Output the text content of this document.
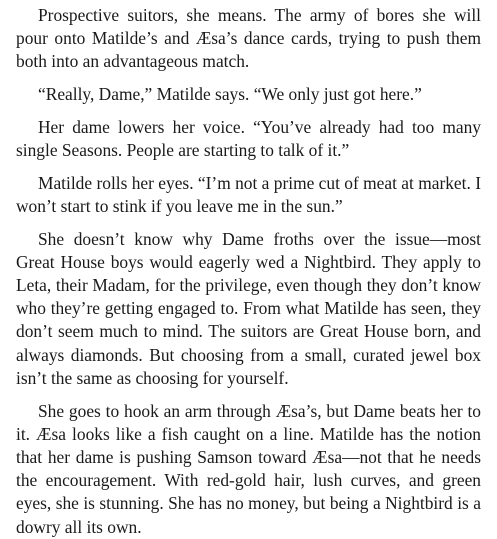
Prospective suitors, she means. The army of bores she will pour onto Matilde’s and Æsa’s dance cards, trying to push them both into an advantageous match.

“Really, Dame,” Matilde says. “We only just got here.”

Her dame lowers her voice. “You’ve already had too many single Seasons. People are starting to talk of it.”

Matilde rolls her eyes. “I’m not a prime cut of meat at market. I won’t start to stink if you leave me in the sun.”

She doesn’t know why Dame froths over the issue—most Great House boys would eagerly wed a Nightbird. They apply to Leta, their Madam, for the privilege, even though they don’t know who they’re getting engaged to. From what Matilde has seen, they don’t seem much to mind. The suitors are Great House born, and always diamonds. But choosing from a small, curated jewel box isn’t the same as choosing for yourself.

She goes to hook an arm through Æsa’s, but Dame beats her to it. Æsa looks like a fish caught on a line. Matilde has the notion that her dame is pushing Samson toward Æsa—not that he needs the encouragement. With red-gold hair, lush curves, and green eyes, she is stunning. She has no money, but being a Nightbird is a dowry all its own.
